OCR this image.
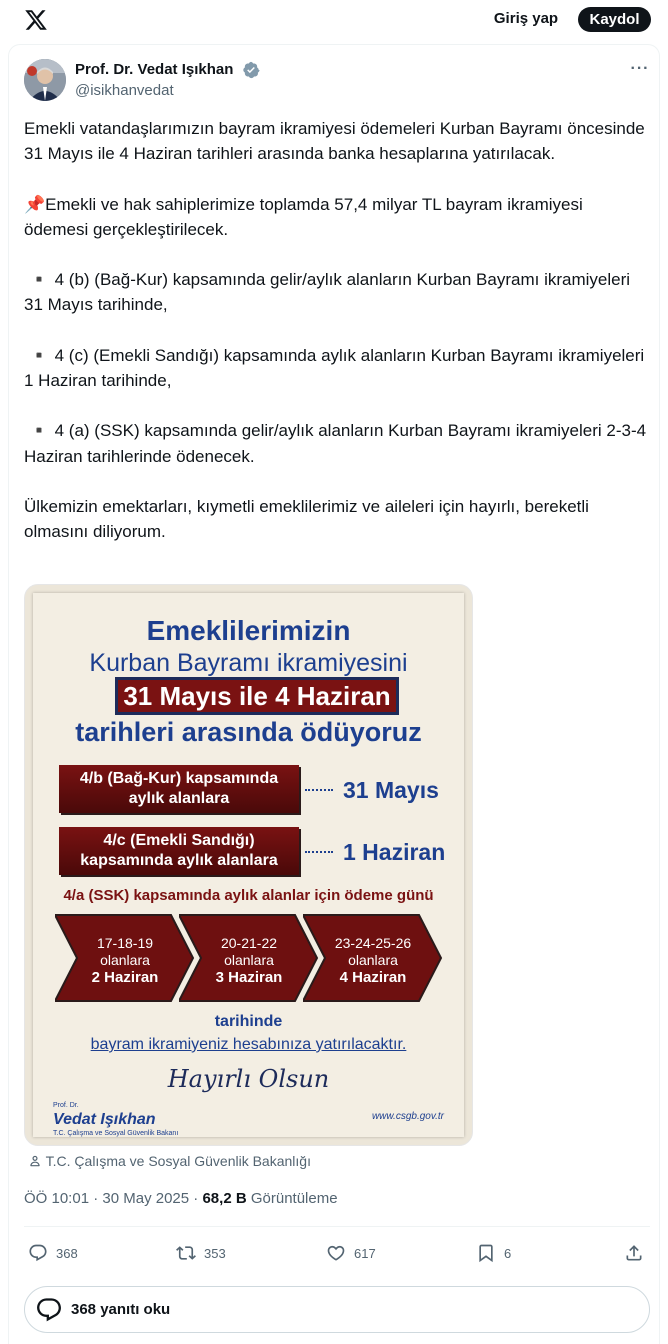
Giriş yap	Kaydol
Prof. Dr. Vedat Işıkhan
@isikhanvedat
···

Emekli vatandaşlarımızın bayram ikramiyesi ödemeleri Kurban Bayramı öncesinde 31 Mayıs ile 4 Haziran tarihleri arasında banka hesaplarına yatırılacak.

📌Emekli ve hak sahiplerimize toplamda 57,4 milyar TL bayram ikramiyesi ödemesi gerçekleştirilecek.

▪️ 4 (b) (Bağ-Kur) kapsamında gelir/aylık alanların Kurban Bayramı ikramiyeleri 31 Mayıs tarihinde,

▪️ 4 (c) (Emekli Sandığı) kapsamında aylık alanların Kurban Bayramı ikramiyeleri 1 Haziran tarihinde,

▪️ 4 (a) (SSK) kapsamında gelir/aylık alanların Kurban Bayramı ikramiyeleri 2-3-4 Haziran tarihlerinde ödenecek.

Ülkemizin emektarları, kıymetli emeklilerimiz ve aileleri için hayırlı, bereketli olmasını diliyorum.

Emeklilerimizin
Kurban Bayramı ikramiyesini
31 Mayıs ile 4 Haziran
tarihleri arasında ödüyoruz
4/b (Bağ-Kur) kapsamında
aylık alanlara	31 Mayıs
4/c (Emekli Sandığı)
kapsamında aylık alanlara	1 Haziran
4/a (SSK) kapsamında aylık alanlar için ödeme günü
17-18-19
olanlara
2 Haziran
20-21-22
olanlara
3 Haziran
23-24-25-26
olanlara
4 Haziran
tarihinde
bayram ikramiyeniz hesabınıza yatırılacaktır.
Hayırlı Olsun
Prof. Dr.
Vedat Işıkhan
T.C. Çalışma ve Sosyal Güvenlik Bakanı
www.csgb.gov.tr
T.C. Çalışma ve Sosyal Güvenlik Bakanlığı
ÖÖ 10:01 · 30 May 2025 · 68,2 B Görüntüleme
368	353	617	6
368 yanıtı oku
